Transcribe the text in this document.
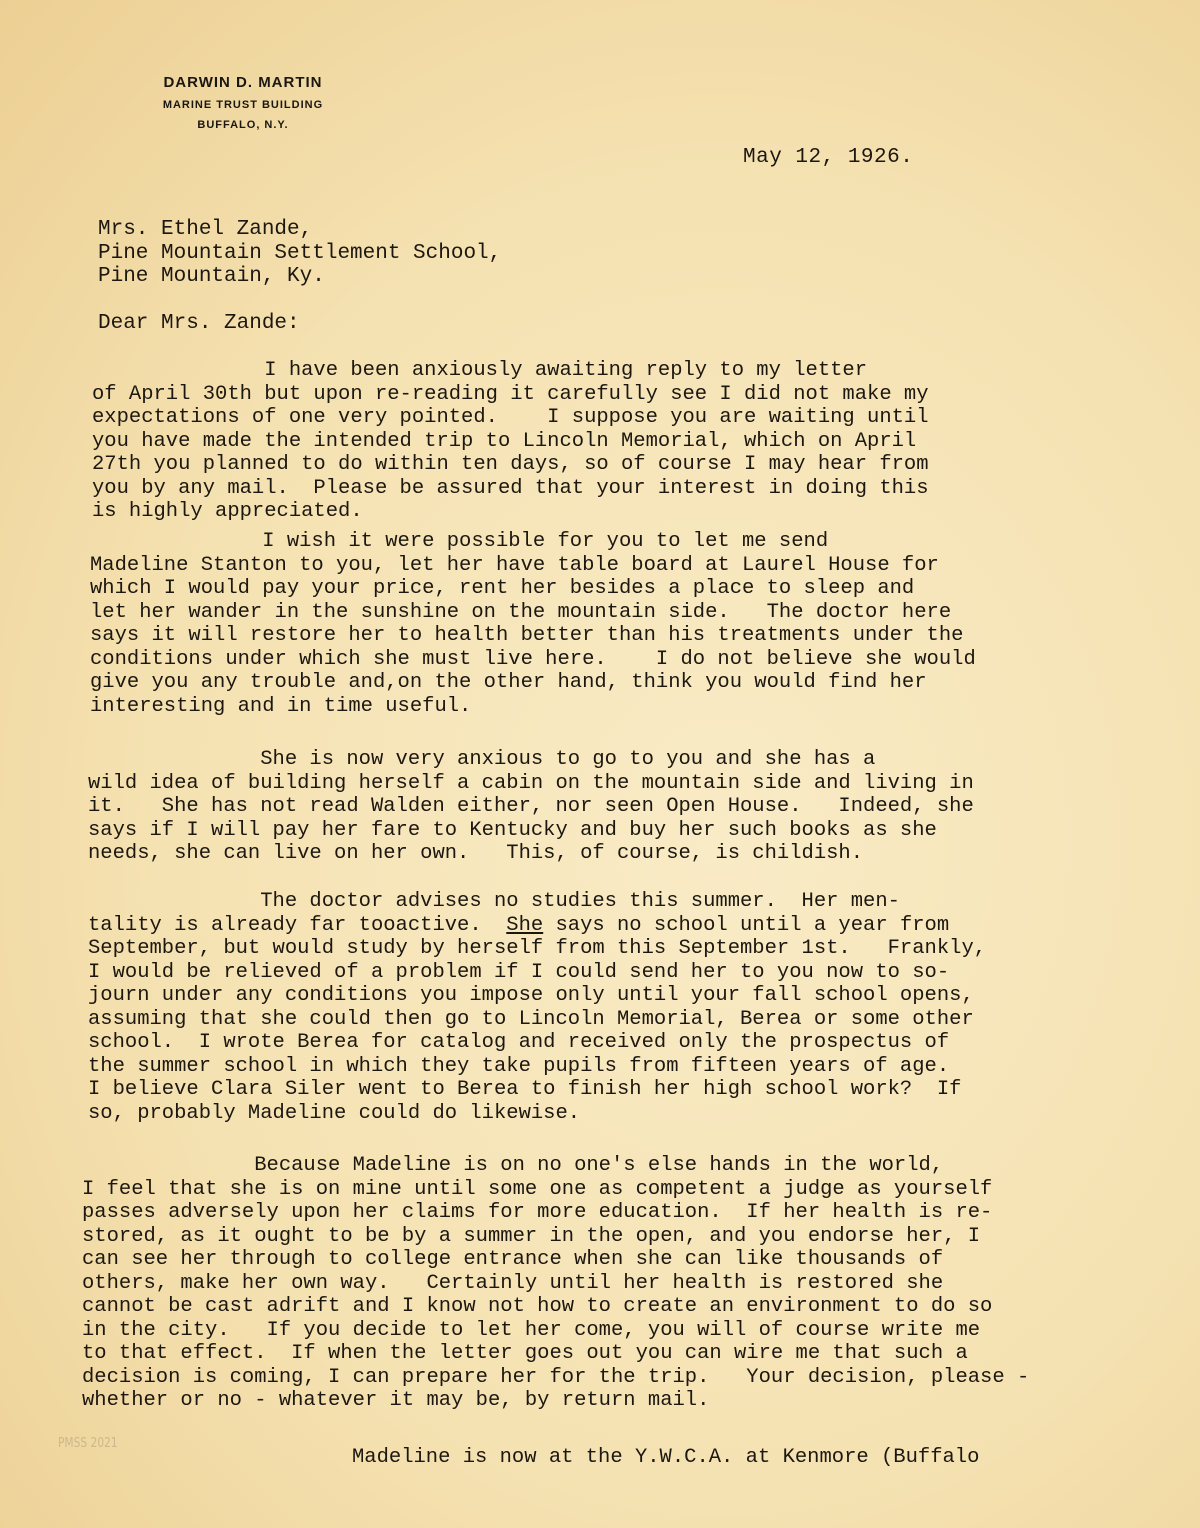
DARWIN D. MARTIN
MARINE TRUST BUILDING
BUFFALO, N.Y.
May 12, 1926.
Mrs. Ethel Zande,
Pine Mountain Settlement School,
Pine Mountain, Ky.
Dear Mrs. Zande:
I have been anxiously awaiting reply to my letter
of April 30th but upon re-reading it carefully see I did not make my
expectations of one very pointed.    I suppose you are waiting until
you have made the intended trip to Lincoln Memorial, which on April
27th you planned to do within ten days, so of course I may hear from
you by any mail.  Please be assured that your interest in doing this
is highly appreciated.
I wish it were possible for you to let me send
Madeline Stanton to you, let her have table board at Laurel House for
which I would pay your price, rent her besides a place to sleep and
let her wander in the sunshine on the mountain side.   The doctor here
says it will restore her to health better than his treatments under the
conditions under which she must live here.    I do not believe she would
give you any trouble and,on the other hand, think you would find her
interesting and in time useful.
She is now very anxious to go to you and she has a
wild idea of building herself a cabin on the mountain side and living in
it.   She has not read Walden either, nor seen Open House.   Indeed, she
says if I will pay her fare to Kentucky and buy her such books as she
needs, she can live on her own.   This, of course, is childish.
The doctor advises no studies this summer.  Her men-
tality is already far tooactive.  She says no school until a year from
September, but would study by herself from this September 1st.   Frankly,
I would be relieved of a problem if I could send her to you now to so-
journ under any conditions you impose only until your fall school opens,
assuming that she could then go to Lincoln Memorial, Berea or some other
school.  I wrote Berea for catalog and received only the prospectus of
the summer school in which they take pupils from fifteen years of age.
I believe Clara Siler went to Berea to finish her high school work?  If
so, probably Madeline could do likewise.
Because Madeline is on no one's else hands in the world,
I feel that she is on mine until some one as competent a judge as yourself
passes adversely upon her claims for more education.  If her health is re-
stored, as it ought to be by a summer in the open, and you endorse her, I
can see her through to college entrance when she can like thousands of
others, make her own way.   Certainly until her health is restored she
cannot be cast adrift and I know not how to create an environment to do so
in the city.   If you decide to let her come, you will of course write me
to that effect.  If when the letter goes out you can wire me that such a
decision is coming, I can prepare her for the trip.   Your decision, please -
whether or no - whatever it may be, by return mail.
Madeline is now at the Y.W.C.A. at Kenmore (Buffalo
PMSS 2021
